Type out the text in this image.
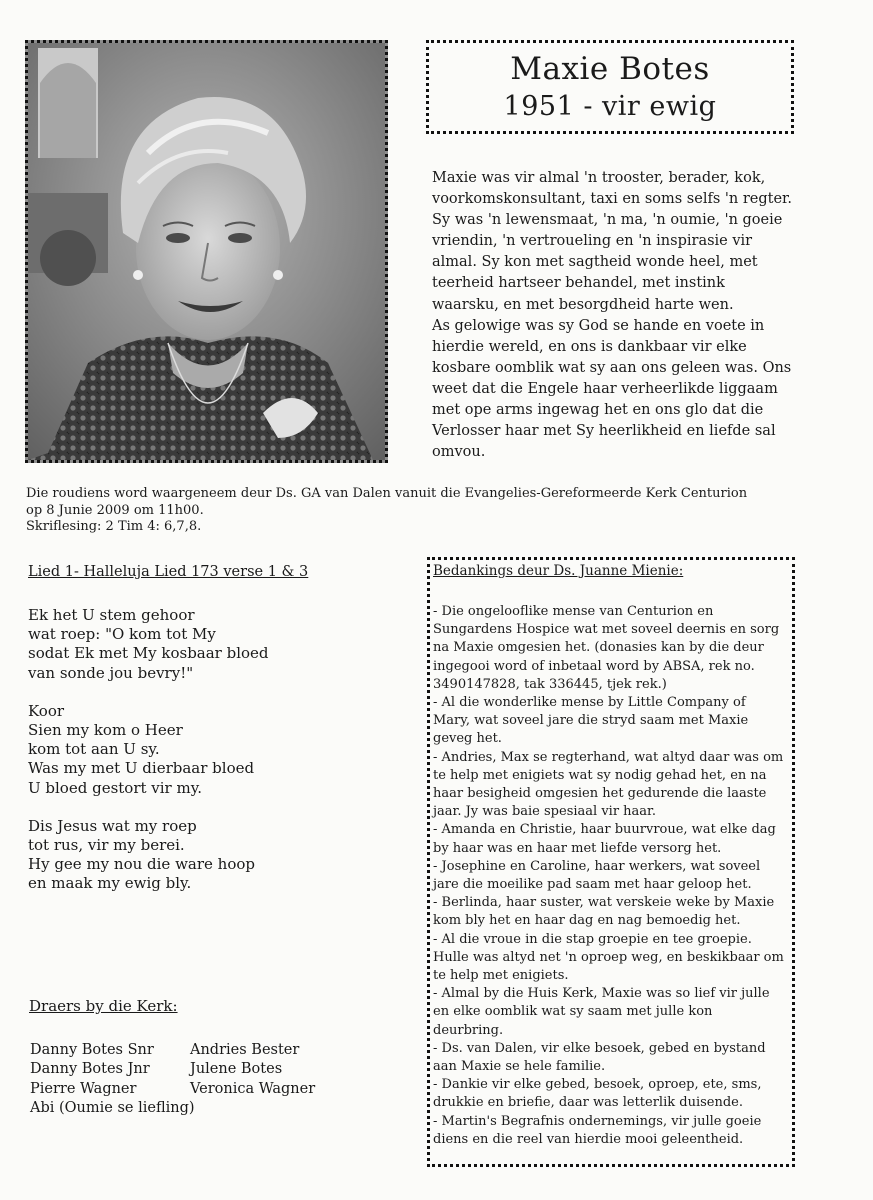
Maxie Botes
1951 - vir ewig

Maxie was vir almal 'n trooster, berader, kok, voorkomskonsultant, taxi en soms selfs 'n regter. Sy was 'n lewensmaat, 'n ma, 'n oumie, 'n goeie vriendin, 'n vertroueling en 'n inspirasie vir almal. Sy kon met sagtheid wonde heel, met teerheid hartseer behandel, met instink waarsku, en met besorgdheid harte wen.

As gelowige was sy God se hande en voete in hierdie wereld, en ons is dankbaar vir elke kosbare oomblik wat sy aan ons geleen was. Ons weet dat die Engele haar verheerlikde liggaam met ope arms ingewag het en ons glo dat die Verlosser haar met Sy heerlikheid en liefde sal omvou.

Die roudiens word waargeneem deur Ds. GA van Dalen vanuit die Evangelies-Gereformeerde Kerk Centurion

op 8 Junie 2009 om 11h00.

Skriflesing: 2 Tim 4: 6,7,8.

Lied 1- Halleluja Lied 173 verse 1 & 3
Ek het U stem gehoor
wat roep: "O kom tot My
sodat Ek met My kosbaar bloed
van sonde jou bevry!"
Koor
Sien my kom o Heer
kom tot aan U sy.
Was my met U dierbaar bloed
U bloed gestort vir my.
Dis Jesus wat my roep
tot rus, vir my berei.
Hy gee my nou die ware hoop
en maak my ewig bly.
Draers by die Kerk:
Danny Botes Snr	Andries Bester
Danny Botes Jnr	Julene Botes
Pierre Wagner	Veronica Wagner
Abi (Oumie se liefling)
Bedankings deur Ds. Juanne Mienie:

- Die ongelooflike mense van Centurion en Sungardens Hospice wat met soveel deernis en sorg na Maxie omgesien het. (donasies kan by die deur ingegooi word of inbetaal word by ABSA, rek no. 3490147828, tak 336445, tjek rek.)

- Al die wonderlike mense by Little Company of Mary, wat soveel jare die stryd saam met Maxie geveg het.

- Andries, Max se regterhand, wat altyd daar was om te help met enigiets wat sy nodig gehad het, en na haar besigheid omgesien het gedurende die laaste jaar. Jy was baie spesiaal vir haar.

- Amanda en Christie, haar buurvroue, wat elke dag by haar was en haar met liefde versorg het.

- Josephine en Caroline, haar werkers, wat soveel jare die moeilike pad saam met haar geloop het.

- Berlinda, haar suster, wat verskeie weke by Maxie kom bly het en haar dag en nag bemoedig het.

- Al die vroue in die stap groepie en tee groepie. Hulle was altyd net 'n oproep weg, en beskikbaar om te help met enigiets.

- Almal by die Huis Kerk, Maxie was so lief vir julle en elke oomblik wat sy saam met julle kon deurbring.

- Ds. van Dalen, vir elke besoek, gebed en bystand aan Maxie se hele familie.

- Dankie vir elke gebed, besoek, oproep, ete, sms, drukkie en briefie, daar was letterlik duisende.

- Martin's Begrafnis ondernemings, vir julle goeie diens en die reel van hierdie mooi geleentheid.
